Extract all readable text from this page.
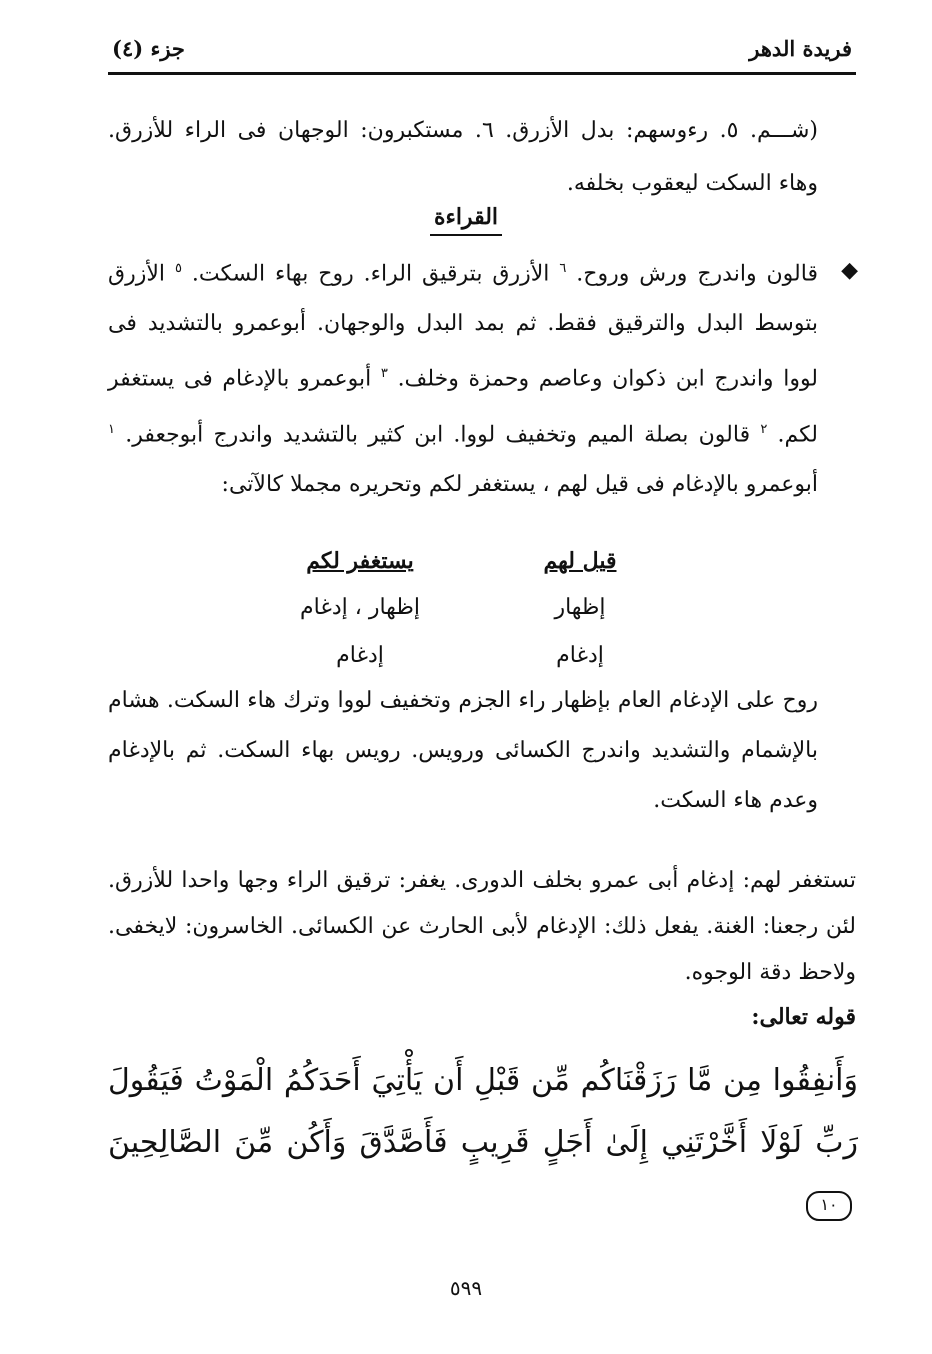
فريدة الدهر
جزء (٤)

(شـــم. ٥. رءوسهم: بدل الأزرق. ٦. مستكبرون: الوجهان فى الراء للأزرق. وهاء السكت ليعقوب بخلفه.

القراءة
◆

قالون واندرج ورش وروح. $^٦$ الأزرق بترقيق الراء. روح بهاء السكت. $^٥$ الأزرق بتوسط البدل والترقيق فقط. ثم بمد البدل والوجهان. أبوعمرو بالتشديد فى لووا واندرج ابن ذكوان وعاصم وحمزة وخلف. $^٣$ أبوعمرو بالإدغام فى يستغفر لكم. $^٢$ قالون بصلة الميم وتخفيف لووا. ابن كثير بالتشديد واندرج أبوجعفر. $^١$ أبوعمرو بالإدغام فى قيل لهم ، يستغفر لكم وتحريره مجملا كالآتى:

قيل لهم
إظهار
إدغام
يستغفر لكم
إظهار ، إدغام
إدغام

روح على الإدغام العام بإظهار راء الجزم وتخفيف لووا وترك هاء السكت. هشام بالإشمام والتشديد واندرج الكسائى ورويس. رويس بهاء السكت. ثم بالإدغام وعدم هاء السكت.

تستغفر لهم: إدغام أبى عمرو بخلف الدورى. يغفر: ترقيق الراء وجها واحدا للأزرق. لئن رجعنا: الغنة. يفعل ذلك: الإدغام لأبى الحارث عن الكسائى. الخاسرون: لايخفى. ولاحظ دقة الوجوه.

قوله تعالى:

وَأَنفِقُوا مِن مَّا رَزَقْنَاكُم مِّن قَبْلِ أَن يَأْتِيَ أَحَدَكُمُ الْمَوْتُ فَيَقُولَ رَبِّ لَوْلَا أَخَّرْتَنِي إِلَىٰ أَجَلٍ قَرِيبٍ فَأَصَّدَّقَ وَأَكُن مِّنَ الصَّالِحِينَ ١٠

٥٩٩
